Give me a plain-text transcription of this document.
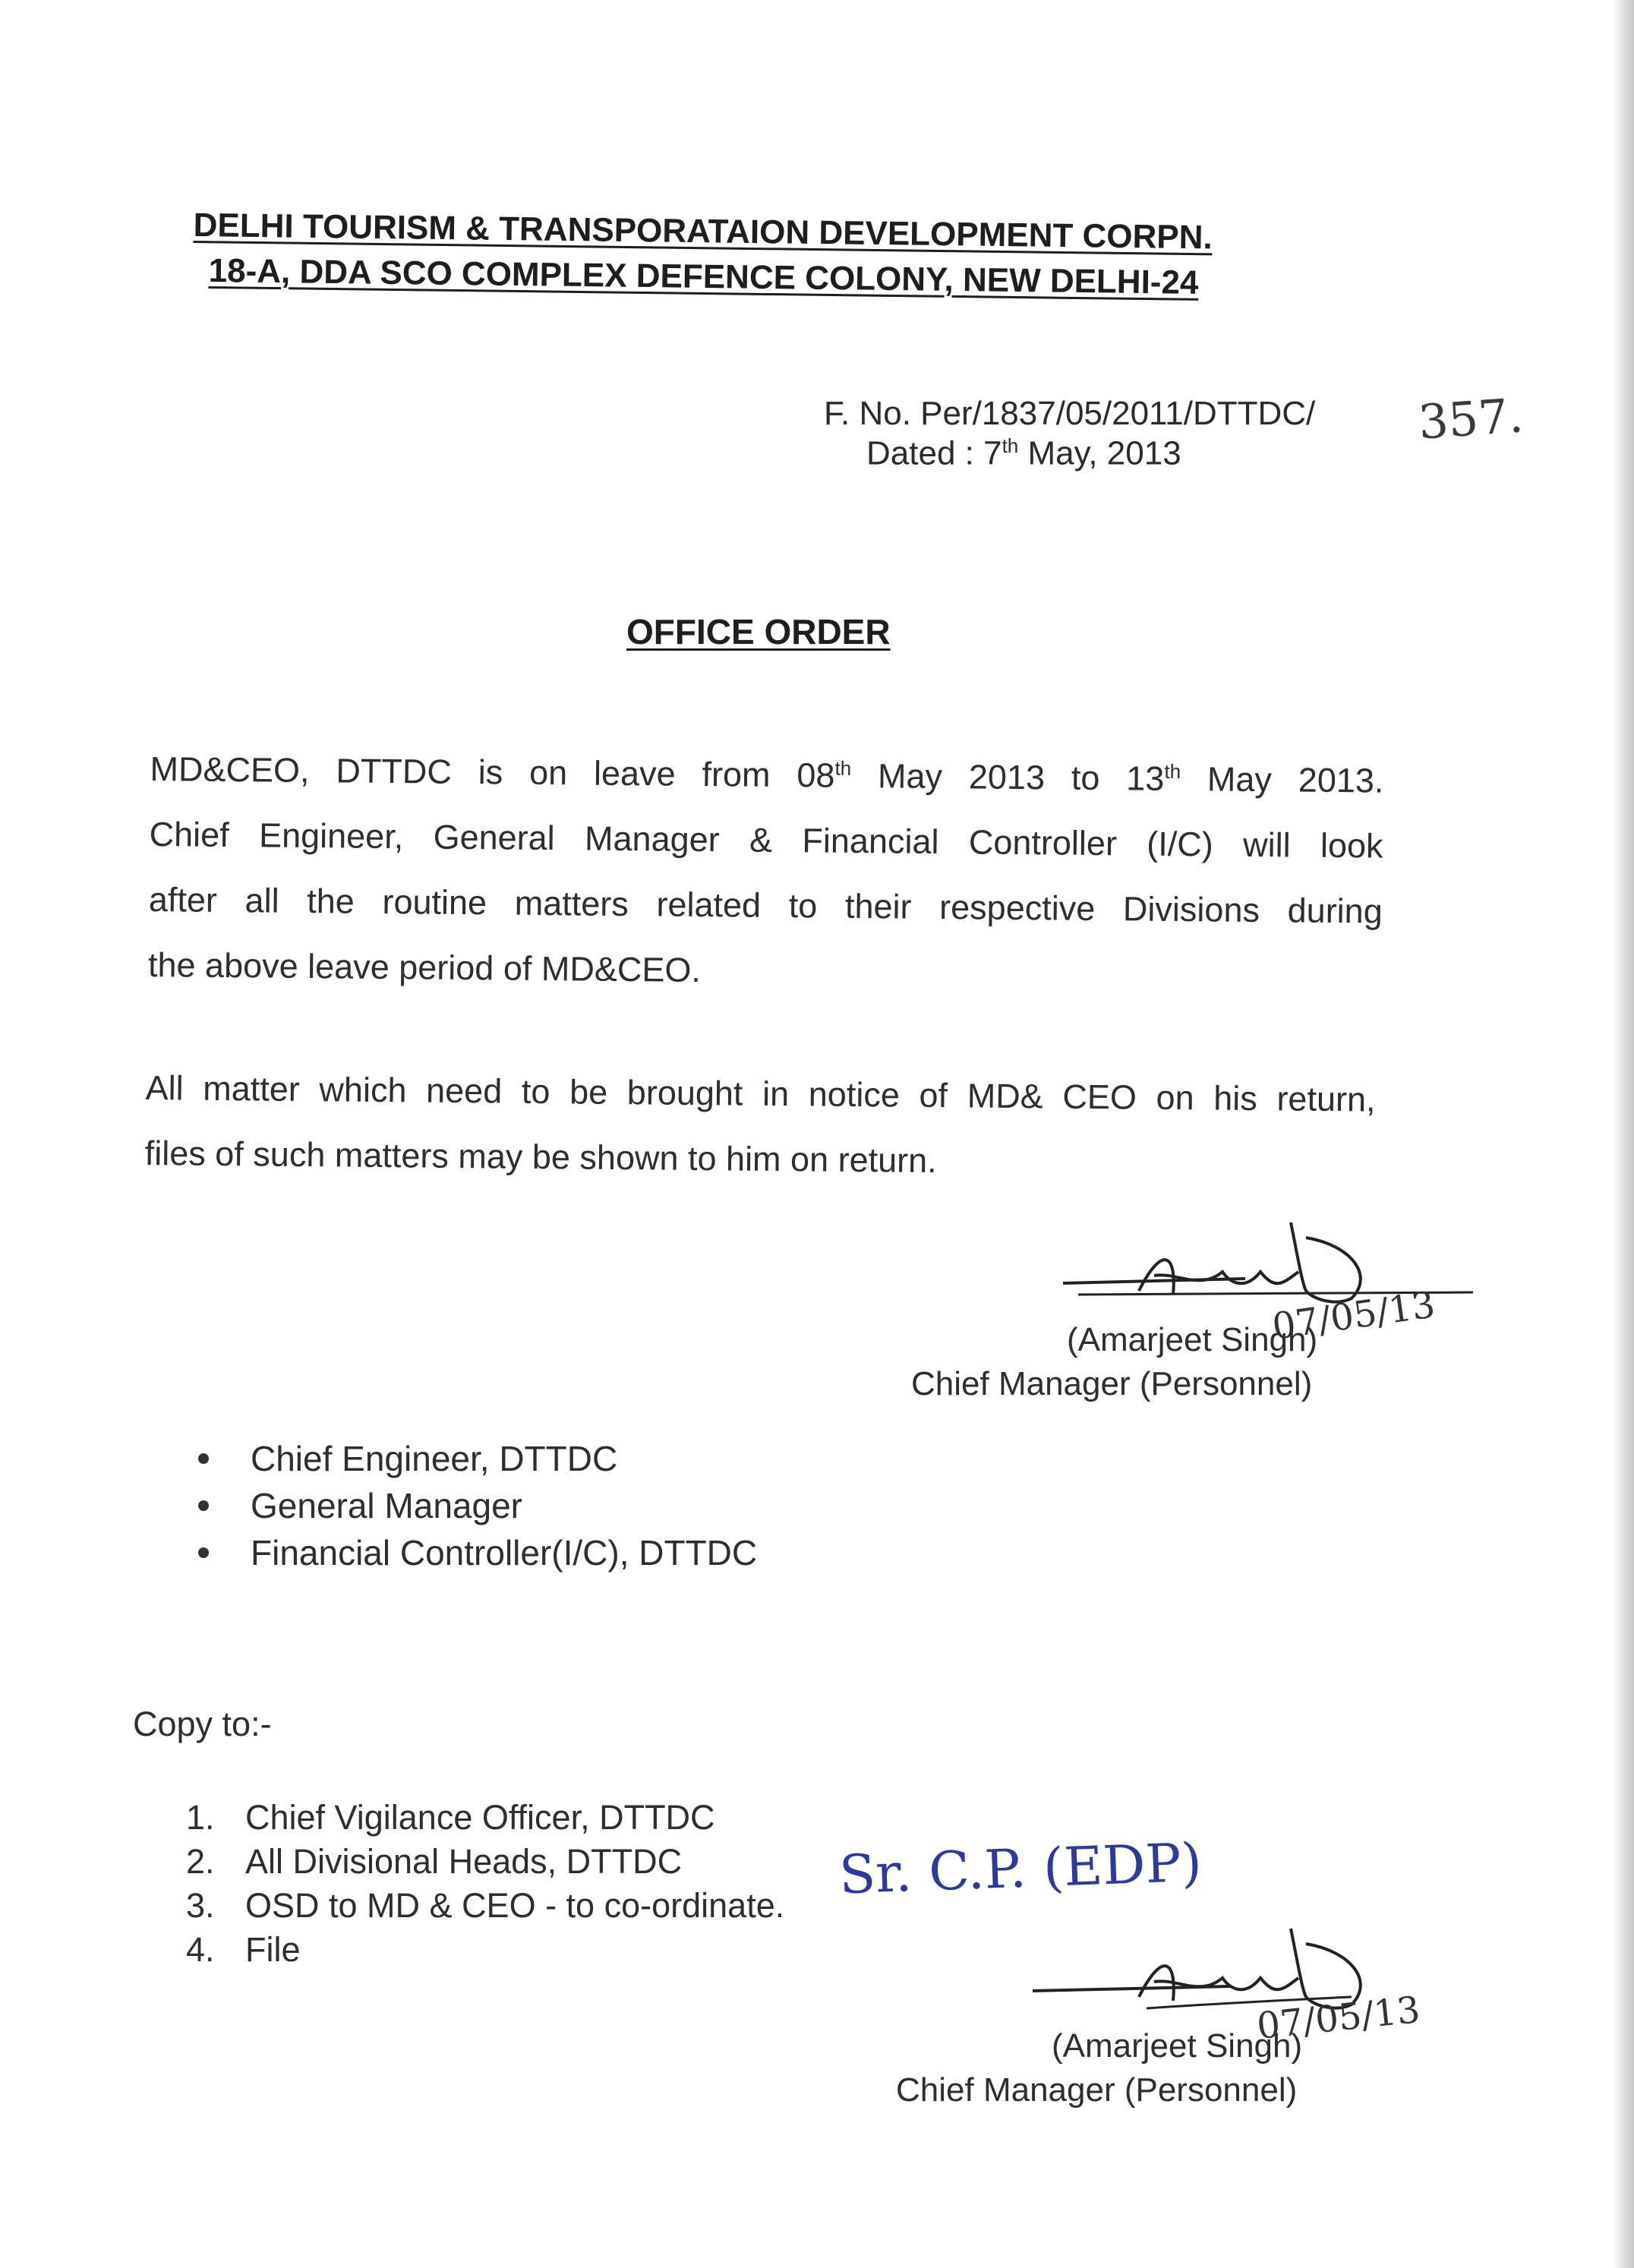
DELHI TOURISM & TRANSPORATAION DEVELOPMENT CORPN.
18-A, DDA SCO COMPLEX DEFENCE COLONY, NEW DELHI-24
F. No. Per/1837/05/2011/DTTDC/
Dated : 7th May, 2013
357.
OFFICE ORDER
MD&CEO, DTTDC is on leave from 08th May 2013 to 13th May 2013.
Chief Engineer, General Manager & Financial Controller (I/C) will look
after all the routine matters related to their respective Divisions during
the above leave period of MD&CEO.
All matter which need to be brought in notice of MD& CEO on his return,
files of such matters may be shown to him on return.
07/05/13
(Amarjeet Singh)
Chief Manager (Personnel)
Chief Engineer, DTTDC
General Manager
Financial Controller(I/C), DTTDC
Copy to:-
1. Chief Vigilance Officer, DTTDC
2. All Divisional Heads, DTTDC
3. OSD to MD & CEO - to co-ordinate.
4. File
Sr. C.P. (EDP)
07/05/13
(Amarjeet Singh)
Chief Manager (Personnel)
